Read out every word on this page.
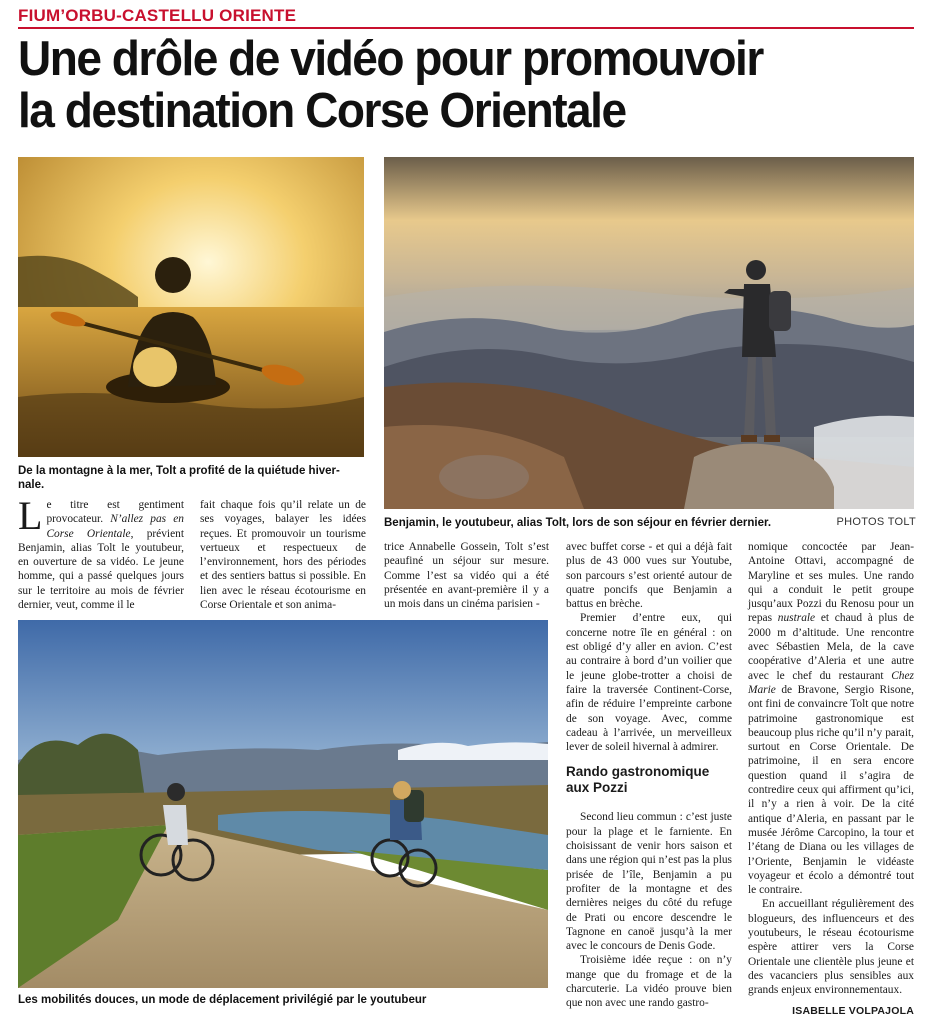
FIUM’ORBU-CASTELLU ORIENTE
Une drôle de vidéo pour promouvoir
la destination Corse Orientale
De la montagne à la mer, Tolt a profité de la quiétude hiver-
nale.
Benjamin, le youtubeur, alias Tolt, lors de son séjour en février dernier.	PHOTOS TOLT
Les mobilités douces, un mode de déplacement privilégié par le youtubeur

Le titre est gentiment provocateur. N’allez pas en Corse Orientale, prévient Benjamin, alias Tolt le youtubeur, en ouverture de sa vidéo. Le jeune homme, qui a passé quelques jours sur le territoire au mois de février dernier, veut, comme il le

fait chaque fois qu’il relate un de ses voyages, balayer les idées reçues. Et promouvoir un tourisme vertueux et respectueux de l’environnement, hors des périodes et des sentiers battus si possible. En lien avec le réseau écotourisme en Corse Orientale et son anima-

trice Annabelle Gossein, Tolt s’est peaufiné un séjour sur mesure. Comme l’est sa vidéo qui a été présentée en avant-première il y a un mois dans un cinéma parisien -

avec buffet corse - et qui a déjà fait plus de 43 000 vues sur Youtube, son parcours s’est orienté autour de quatre poncifs que Benjamin a battus en brèche.

Premier d’entre eux, qui concerne notre île en général : on est obligé d’y aller en avion. C’est au contraire à bord d’un voilier que le jeune globe-trotter a choisi de faire la traversée Continent-Corse, afin de réduire l’empreinte carbone de son voyage. Avec, comme cadeau à l’arrivée, un merveilleux lever de soleil hivernal à admirer.

Rando gastronomique aux Pozzi

Second lieu commun : c’est juste pour la plage et le farniente. En choisissant de venir hors saison et dans une région qui n’est pas la plus prisée de l’île, Benjamin a pu profiter de la montagne et des dernières neiges du côté du refuge de Prati ou encore descendre le Tagnone en canoë jusqu’à la mer avec le concours de Denis Gode.

Troisième idée reçue : on n’y mange que du fromage et de la charcuterie. La vidéo prouve bien que non avec une rando gastro-

nomique concoctée par Jean-Antoine Ottavi, accompagné de Maryline et ses mules. Une rando qui a conduit le petit groupe jusqu’aux Pozzi du Renosu pour un repas nustrale et chaud à plus de 2000 m d’altitude. Une rencontre avec Sébastien Mela, de la cave coopérative d’Aleria et une autre avec le chef du restaurant Chez Marie de Bravone, Sergio Risone, ont fini de convaincre Tolt que notre patrimoine gastronomique est beaucoup plus riche qu’il n’y parait, surtout en Corse Orientale. De patrimoine, il en sera encore question quand il s’agira de contredire ceux qui affirment qu’ici, il n’y a rien à voir. De la cité antique d’Aleria, en passant par le musée Jérôme Carcopino, la tour et l’étang de Diana ou les villages de l’Oriente, Benjamin le vidéaste voyageur et écolo a démontré tout le contraire.

En accueillant régulièrement des blogueurs, des influenceurs et des youtubeurs, le réseau écotourisme espère attirer vers la Corse Orientale une clientèle plus jeune et des vacanciers plus sensibles aux grands enjeux environnementaux.

ISABELLE VOLPAJOLA
